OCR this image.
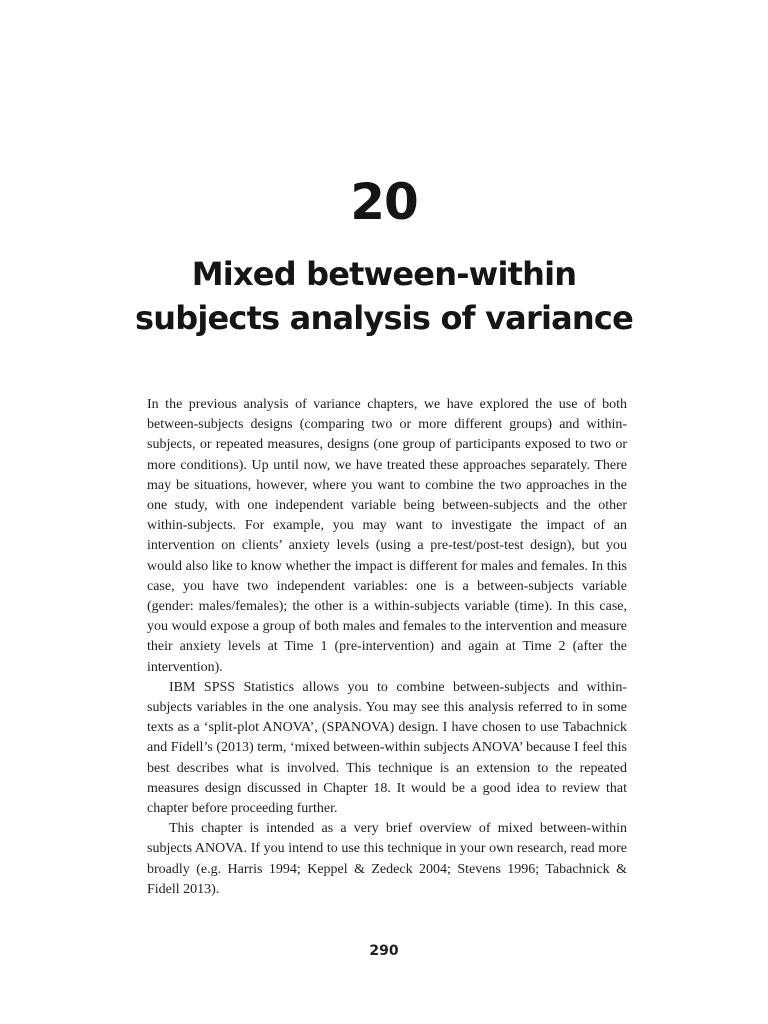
20
Mixed between-within
subjects analysis of variance

In the previous analysis of variance chapters, we have explored the use of both between-subjects designs (comparing two or more different groups) and within-subjects, or repeated measures, designs (one group of participants exposed to two or more conditions). Up until now, we have treated these approaches separately. There may be situations, however, where you want to combine the two approaches in the one study, with one independent variable being between-subjects and the other within-subjects. For example, you may want to investigate the impact of an intervention on clients’ anxiety levels (using a pre-test/post-test design), but you would also like to know whether the impact is different for males and females. In this case, you have two independent variables: one is a between-subjects variable (gender: males/females); the other is a within-subjects variable (time). In this case, you would expose a group of both males and females to the intervention and measure their anxiety levels at Time 1 (pre-intervention) and again at Time 2 (after the intervention).

IBM SPSS Statistics allows you to combine between-subjects and within-subjects variables in the one analysis. You may see this analysis referred to in some texts as a ‘split-plot ANOVA’, (SPANOVA) design. I have chosen to use Tabachnick and Fidell’s (2013) term, ‘mixed between-within subjects ANOVA’ because I feel this best describes what is involved. This technique is an extension to the repeated measures design discussed in Chapter 18. It would be a good idea to review that chapter before proceeding further.

This chapter is intended as a very brief overview of mixed between-within subjects ANOVA. If you intend to use this technique in your own research, read more broadly (e.g. Harris 1994; Keppel & Zedeck 2004; Stevens 1996; Tabachnick & Fidell 2013).

290
